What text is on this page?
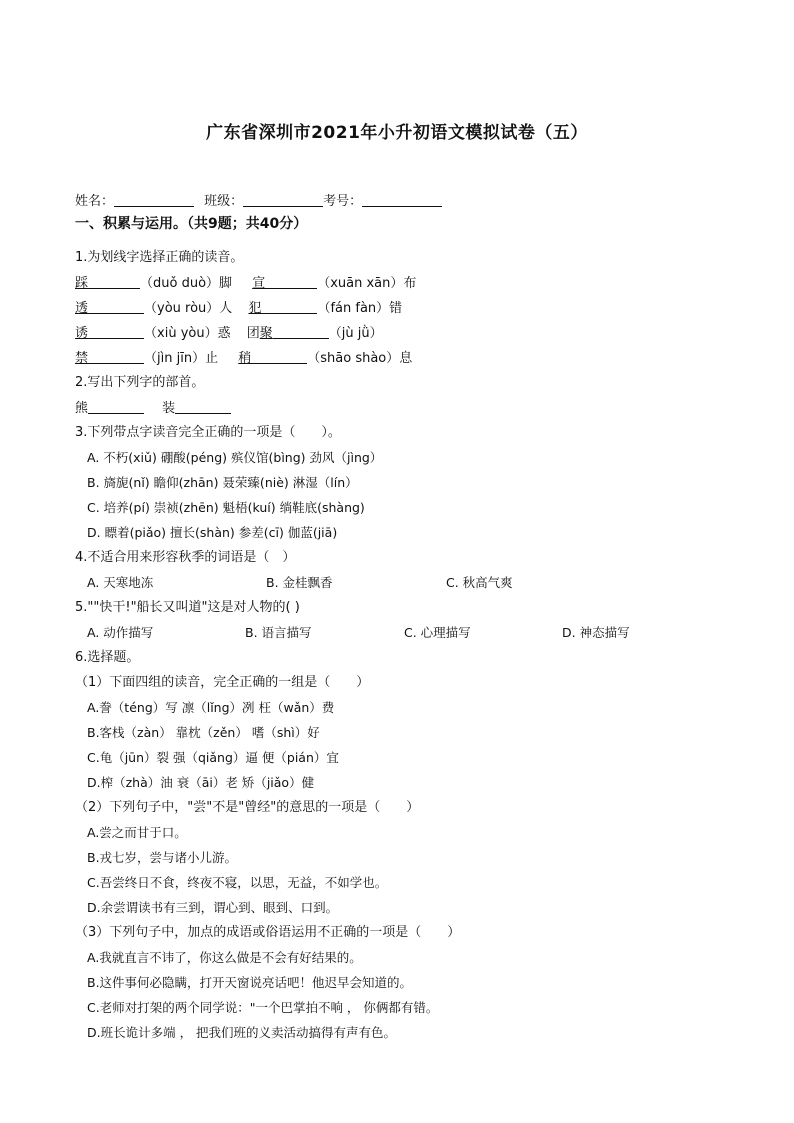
广东省深圳市2021年小升初语文模拟试卷（五）
姓名：	班级：	考号：
一、积累与运用。（共9题；共40分）
1.为划线字选择正确的读音。
踩	（duǒ duò）脚 宣	（xuān xān）布
透	（yòu ròu）人 犯	（fán fàn）错
诱	（xiù yòu）惑 团聚	（jù jǜ）
禁	（jìn jīn）止 稍	（shāo shào）息
2.写出下列字的部首。
熊	装
3.下列带点字读音完全正确的一项是（　　）。
A. 不朽(xiǔ) 硼酸(péng) 殡仪馆(bìng) 劲风（jìng）
B. 旖旎(nǐ) 瞻仰(zhān) 聂荣臻(niè) 淋湿（lín）
C. 培养(pí) 崇祯(zhēn) 魁梧(kuí) 绱鞋底(shàng)
D. 瞟着(piǎo) 擅长(shàn) 参差(cī) 伽蓝(jiā)
4.不适合用来形容秋季的词语是（　）
A. 天寒地冻	B. 金桂飘香	C. 秋高气爽
5.""快干!"船长又叫道"这是对人物的( )
A. 动作描写	B. 语言描写	C. 心理描写	D. 神态描写
6.选择题。
（1）下面四组的读音，完全正确的一组是（　　）
A.誊（téng）写 凛（lǐng）冽 枉（wǎn）费
B.客栈（zàn） 靠枕（zěn） 嗜（shì）好
C.龟（jūn）裂 强（qiǎng）逼 便（pián）宜
D.榨（zhà）油 衰（āi）老 矫（jiǎo）健
（2）下列句子中，"尝"不是"曾经"的意思的一项是（　　）
A.尝之而甘于口。
B.戎七岁，尝与诸小儿游。
C.吾尝终日不食，终夜不寝，以思，无益，不如学也。
D.余尝谓读书有三到，谓心到、眼到、口到。
（3）下列句子中，加点的成语或俗语运用不正确的一项是（　　）
A.我就直言不讳了，你这么做是不会有好结果的。
B.这件事何必隐瞒，打开天窗说亮话吧！他迟早会知道的。
C.老师对打架的两个同学说："一个巴掌拍不响 ， 你俩都有错。
D.班长诡计多端 ， 把我们班的义卖活动搞得有声有色。
